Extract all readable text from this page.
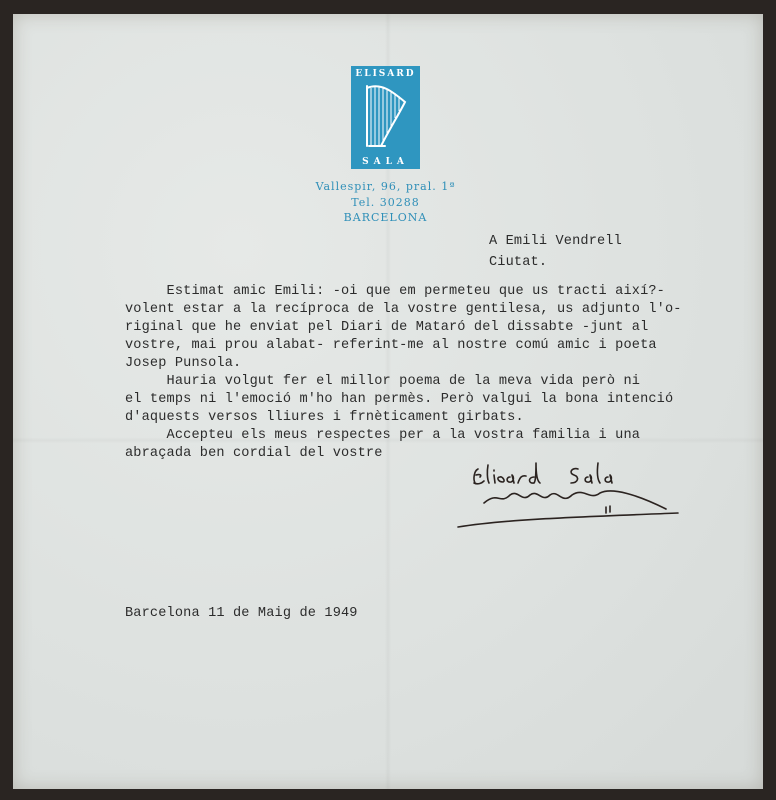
ELISARD
SALA
Vallespir, 96, pral. 1ª
Tel. 30288
BARCELONA
A Emili Vendrell
Ciutat.
Estimat amic Emili: -oi que em permeteu que us tracti així?-
volent estar a la recíproca de la vostre gentilesa, us adjunto l'o-
riginal que he enviat pel Diari de Mataró del dissabte -junt al
vostre, mai prou alabat- referint-me al nostre comú amic i poeta
Josep Punsola.
Hauria volgut fer el millor poema de la meva vida però ni
el temps ni l'emoció m'ho han permès. Però valgui la bona intenció
d'aquests versos lliures i frnèticament girbats.
Accepteu els meus respectes per a la vostra familia i una
abraçada ben cordial del vostre
Barcelona 11 de Maig de 1949
